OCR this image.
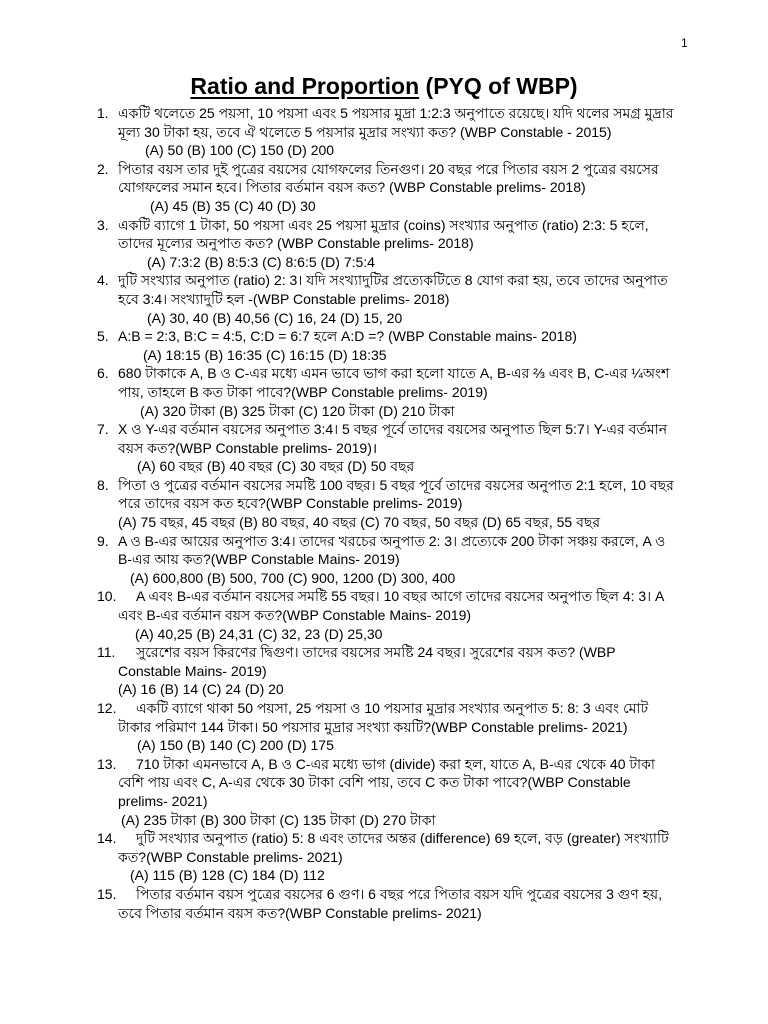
1
Ratio and Proportion (PYQ of WBP)
1. একটি থলেতে 25 পয়সা, 10 পয়সা এবং 5 পয়সার মুদ্রা 1:2:3 অনুপাতে রয়েছে। যদি থলের সমগ্র মুদ্রার মূল্য 30 টাকা হয়, তবে ঐ থলেতে 5 পয়সার মুদ্রার সংখ্যা কত? (WBP Constable - 2015)
(A) 50 (B) 100 (C) 150 (D) 200
2. পিতার বয়স তার দুই পুত্রের বয়সের যোগফলের তিনগুণ। 20 বছর পরে পিতার বয়স 2 পুত্রের বয়সের যোগফলের সমান হবে। পিতার বর্তমান বয়স কত? (WBP Constable prelims- 2018)
(A) 45 (B) 35 (C) 40 (D) 30
3. একটি ব্যাগে 1 টাকা, 50 পয়সা এবং 25 পয়সা মুদ্রার (coins) সংখ্যার অনুপাত (ratio) 2:3: 5 হলে, তাদের মূল্যের অনুপাত কত? (WBP Constable prelims- 2018)
(A) 7:3:2 (B) 8:5:3 (C) 8:6:5 (D) 7:5:4
4. দুটি সংখ্যার অনুপাত (ratio) 2: 3। যদি সংখ্যাদুটির প্রত্যেকটিতে 8 যোগ করা হয়, তবে তাদের অনুপাত হবে 3:4। সংখ্যাদুটি হল -(WBP Constable prelims- 2018)
(A) 30, 40 (B) 40,56 (C) 16, 24 (D) 15, 20
5. A:B = 2:3, B:C = 4:5, C:D = 6:7 হলে A:D =? (WBP Constable mains- 2018)
(A) 18:15 (B) 16:35 (C) 16:15 (D) 18:35
6. 680 টাকাকে A, B ও C-এর মধ্যে এমন ভাবে ভাগ করা হলো যাতে A, B-এর ⅔ এবং B, C-এর ¼অংশ পায়, তাহলে B কত টাকা পাবে?(WBP Constable prelims- 2019)
(A) 320 টাকা (B) 325 টাকা (C) 120 টাকা (D) 210 টাকা
7. X ও Y-এর বর্তমান বয়সের অনুপাত 3:4। 5 বছর পূর্বে তাদের বয়সের অনুপাত ছিল 5:7। Y-এর বর্তমান বয়স কত?(WBP Constable prelims- 2019)।
(A) 60 বছর (B) 40 বছর (C) 30 বছর (D) 50 বছর
8. পিতা ও পুত্রের বর্তমান বয়সের সমষ্টি 100 বছর। 5 বছর পূর্বে তাদের বয়সের অনুপাত 2:1 হলে, 10 বছর পরে তাদের বয়স কত হবে?(WBP Constable prelims- 2019)
(A) 75 বছর, 45 বছর (B) 80 বছর, 40 বছর (C) 70 বছর, 50 বছর (D) 65 বছর, 55 বছর
9. A ও B-এর আয়ের অনুপাত 3:4। তাদের খরচের অনুপাত 2: 3। প্রত্যেকে 200 টাকা সঞ্চয় করলে, A ও B-এর আয় কত?(WBP Constable Mains- 2019)
(A) 600,800 (B) 500, 700 (C) 900, 1200 (D) 300, 400
10.	A এবং B-এর বর্তমান বয়সের সমষ্টি 55 বছর। 10 বছর আগে তাদের বয়সের অনুপাত ছিল 4: 3। A এবং B-এর বর্তমান বয়স কত?(WBP Constable Mains- 2019)
(A) 40,25 (B) 24,31 (C) 32, 23 (D) 25,30
11.	সুরেশের বয়স কিরণের দ্বিগুণ। তাদের বয়সের সমষ্টি 24 বছর। সুরেশের বয়স কত? (WBP Constable Mains- 2019)
(A) 16 (B) 14 (C) 24 (D) 20
12.	একটি ব্যাগে থাকা 50 পয়সা, 25 পয়সা ও 10 পয়সার মুদ্রার সংখ্যার অনুপাত 5: 8: 3 এবং মোট টাকার পরিমাণ 144 টাকা। 50 পয়সার মুদ্রার সংখ্যা কয়টি?(WBP Constable prelims- 2021)
(A) 150 (B) 140 (C) 200 (D) 175
13.	710 টাকা এমনভাবে A, B ও C-এর মধ্যে ভাগ (divide) করা হল, যাতে A, B-এর থেকে 40 টাকা বেশি পায় এবং C, A-এর থেকে 30 টাকা বেশি পায়, তবে C কত টাকা পাবে?(WBP Constable prelims- 2021)
(A) 235 টাকা (B) 300 টাকা (C) 135 টাকা (D) 270 টাকা
14.	দুটি সংখ্যার অনুপাত (ratio) 5: 8 এবং তাদের অন্তর (difference) 69 হলে, বড় (greater) সংখ্যাটি কত?(WBP Constable prelims- 2021)
(A) 115 (B) 128 (C) 184 (D) 112
15.	পিতার বর্তমান বয়স পুত্রের বয়সের 6 গুণ। 6 বছর পরে পিতার বয়স যদি পুত্রের বয়সের 3 গুণ হয়, তবে পিতার বর্তমান বয়স কত?(WBP Constable prelims- 2021)
